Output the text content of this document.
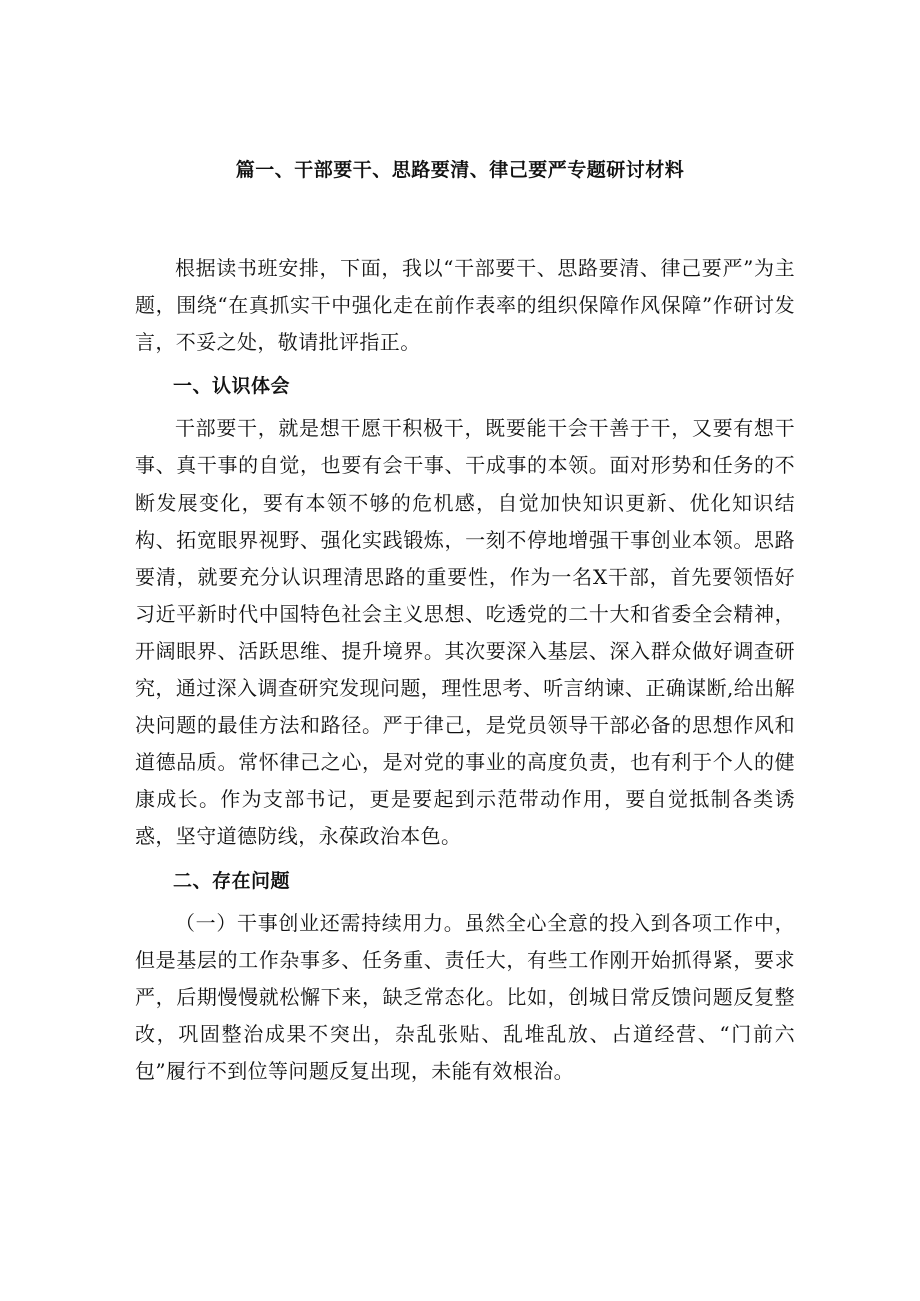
篇一、干部要干、思路要清、律己要严专题研讨材料

根据读书班安排，下面，我以“干部要干、思路要清、律己要严”为主题，围绕“在真抓实干中强化走在前作表率的组织保障作风保障”作研讨发言，不妥之处，敬请批评指正。

一、认识体会

干部要干，就是想干愿干积极干，既要能干会干善于干，又要有想干事、真干事的自觉，也要有会干事、干成事的本领。面对形势和任务的不断发展变化，要有本领不够的危机感，自觉加快知识更新、优化知识结构、拓宽眼界视野、强化实践锻炼，一刻不停地增强干事创业本领。思路要清，就要充分认识理清思路的重要性，作为一名X干部，首先要领悟好习近平新时代中国特色社会主义思想、吃透党的二十大和省委全会精神，开阔眼界、活跃思维、提升境界。其次要深入基层、深入群众做好调查研究，通过深入调查研究发现问题，理性思考、听言纳谏、正确谋断,给出解决问题的最佳方法和路径。严于律己，是党员领导干部必备的思想作风和道德品质。常怀律己之心，是对党的事业的高度负责，也有利于个人的健康成长。作为支部书记，更是要起到示范带动作用，要自觉抵制各类诱惑，坚守道德防线，永葆政治本色。

二、存在问题

（一）干事创业还需持续用力。虽然全心全意的投入到各项工作中，但是基层的工作杂事多、任务重、责任大，有些工作刚开始抓得紧，要求严，后期慢慢就松懈下来，缺乏常态化。比如，创城日常反馈问题反复整改，巩固整治成果不突出，杂乱张贴、乱堆乱放、占道经营、“门前六包”履行不到位等问题反复出现，未能有效根治。
